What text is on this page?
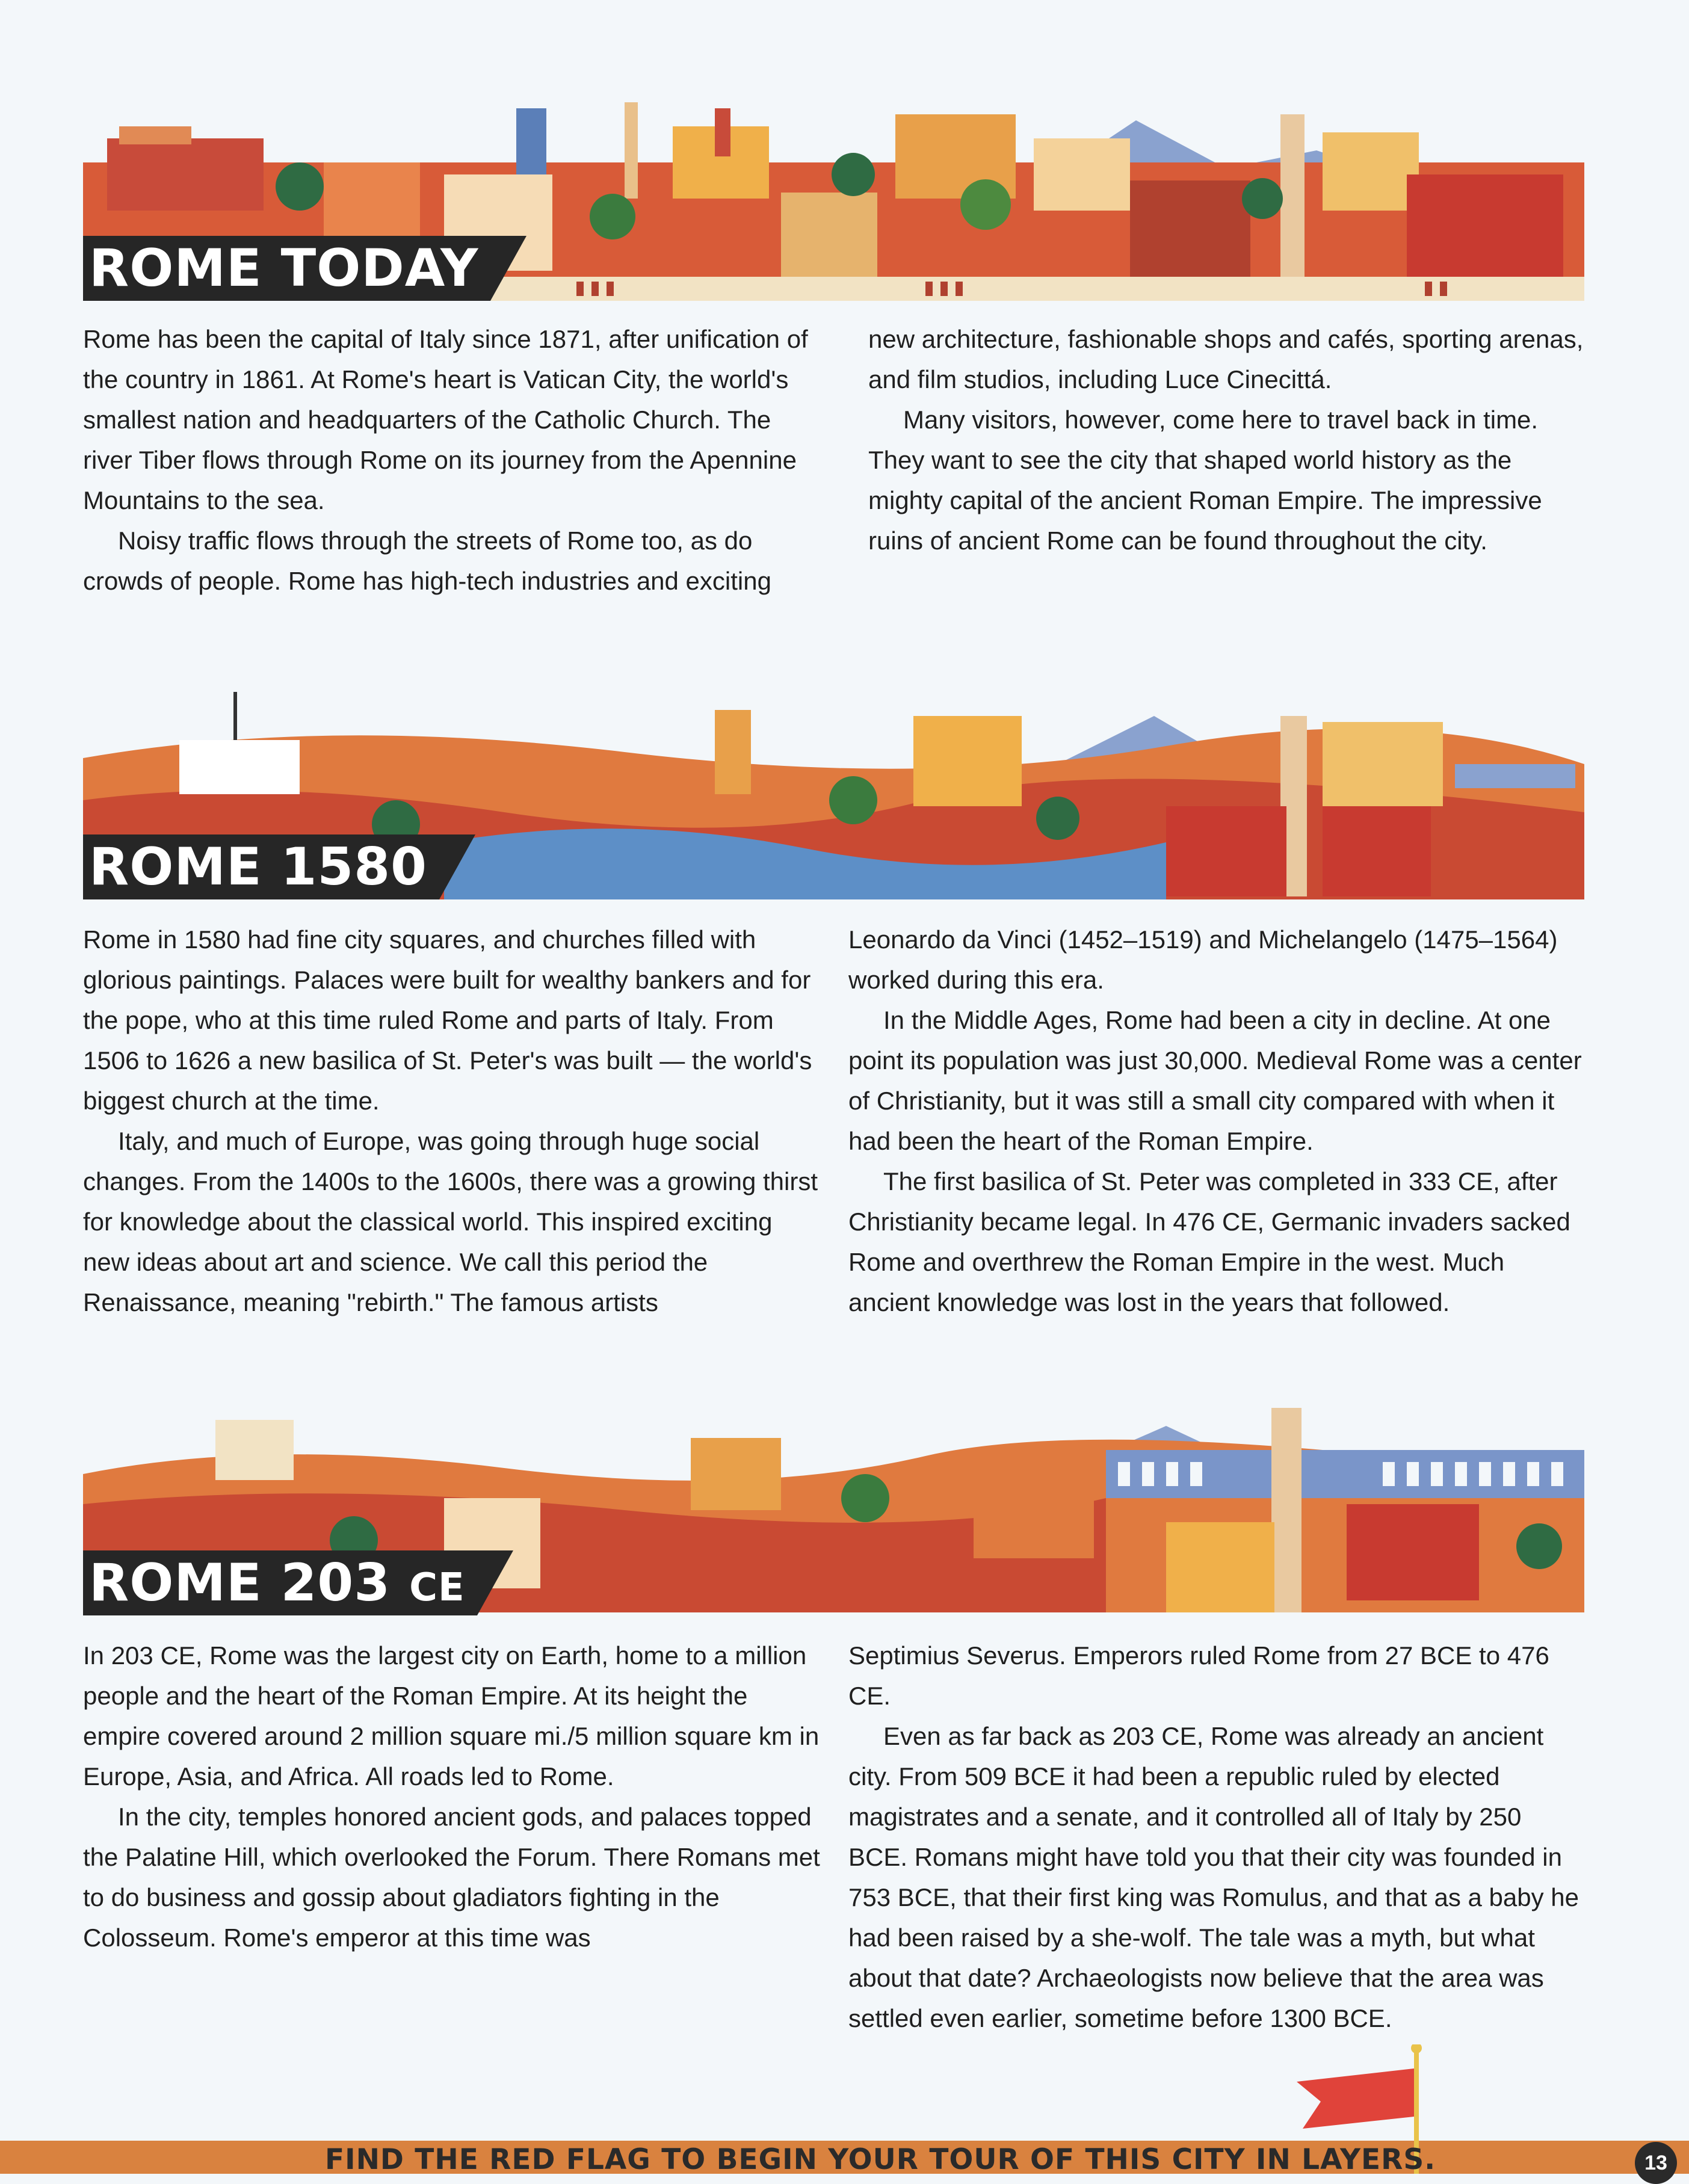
ROME TODAY

Rome has been the capital of Italy since 1871, after unification of the country in 1861. At Rome's heart is Vatican City, the world's smallest nation and headquarters of the Catholic Church. The river Tiber flows through Rome on its journey from the Apennine Mountains to the sea.

Noisy traffic flows through the streets of Rome too, as do crowds of people. Rome has high-tech industries and exciting

new architecture, fashionable shops and cafés, sporting arenas, and film studios, including Luce Cinecittá.

Many visitors, however, come here to travel back in time. They want to see the city that shaped world history as the mighty capital of the ancient Roman Empire. The impressive ruins of ancient Rome can be found throughout the city.

ROME 1580

Rome in 1580 had fine city squares, and churches filled with glorious paintings. Palaces were built for wealthy bankers and for the pope, who at this time ruled Rome and parts of Italy. From 1506 to 1626 a new basilica of St. Peter's was built — the world's biggest church at the time.

Italy, and much of Europe, was going through huge social changes. From the 1400s to the 1600s, there was a growing thirst for knowledge about the classical world. This inspired exciting new ideas about art and science. We call this period the Renaissance, meaning "rebirth." The famous artists

Leonardo da Vinci (1452–1519) and Michelangelo (1475–1564) worked during this era.

In the Middle Ages, Rome had been a city in decline. At one point its population was just 30,000. Medieval Rome was a center of Christianity, but it was still a small city compared with when it had been the heart of the Roman Empire.

The first basilica of St. Peter was completed in 333 CE, after Christianity became legal. In 476 CE, Germanic invaders sacked Rome and overthrew the Roman Empire in the west. Much ancient knowledge was lost in the years that followed.

ROME 203 CE

In 203 CE, Rome was the largest city on Earth, home to a million people and the heart of the Roman Empire. At its height the empire covered around 2 million square mi./5 million square km in Europe, Asia, and Africa. All roads led to Rome.

In the city, temples honored ancient gods, and palaces topped the Palatine Hill, which overlooked the Forum. There Romans met to do business and gossip about gladiators fighting in the Colosseum. Rome's emperor at this time was

Septimius Severus. Emperors ruled Rome from 27 BCE to 476 CE.

Even as far back as 203 CE, Rome was already an ancient city. From 509 BCE it had been a republic ruled by elected magistrates and a senate, and it controlled all of Italy by 250 BCE. Romans might have told you that their city was founded in 753 BCE, that their first king was Romulus, and that as a baby he had been raised by a she-wolf. The tale was a myth, but what about that date? Archaeologists now believe that the area was settled even earlier, sometime before 1300 BCE.

FIND THE RED FLAG TO BEGIN YOUR TOUR OF THIS CITY IN LAYERS.	13
